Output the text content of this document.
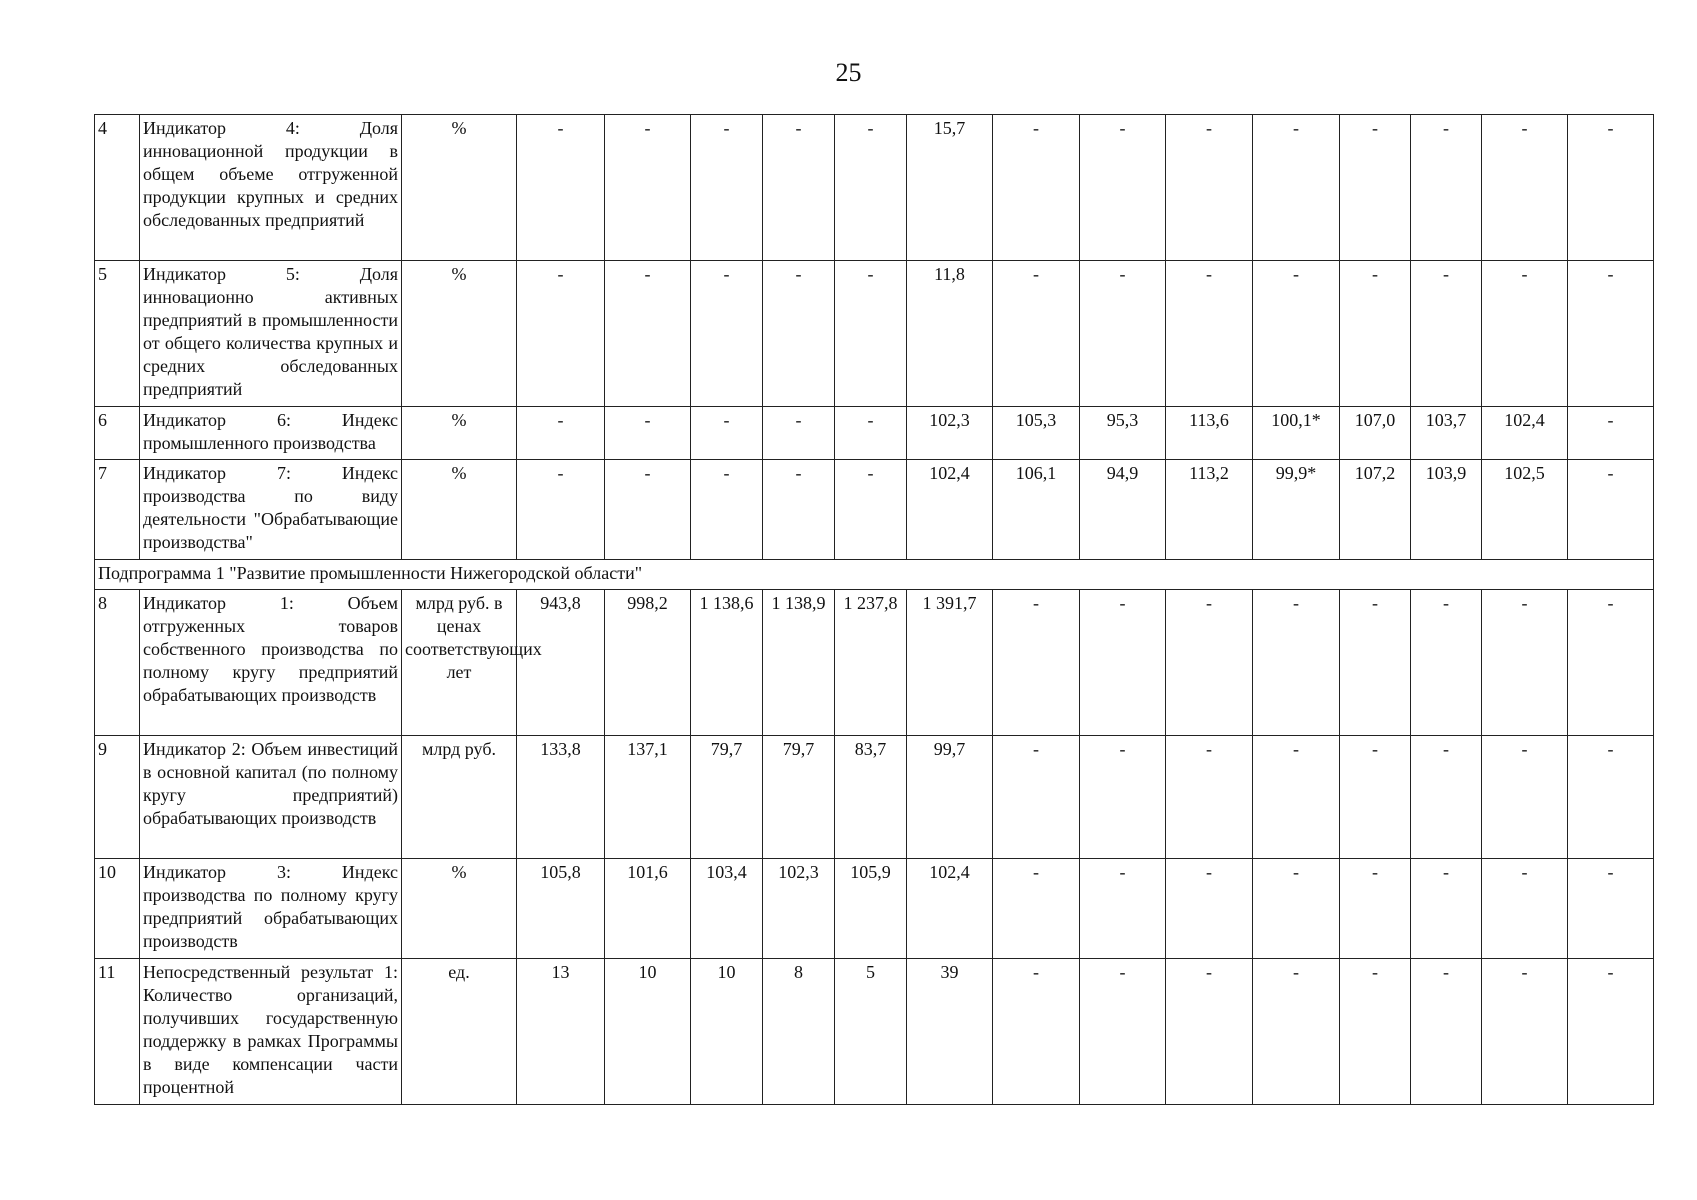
25
4	Индикатор 4: Доля инновационной продукции в общем объеме отгруженной продукции крупных и средних обследованных предприятий	%	-	-	-	-	-	15,7	-	-	-	-	-	-	-	-
5	Индикатор 5: Доля инновационно активных предприятий в промышленности от общего количества крупных и средних обследованных предприятий	%	-	-	-	-	-	11,8	-	-	-	-	-	-	-	-
6	Индикатор 6: Индекс промышленного производства	%	-	-	-	-	-	102,3	105,3	95,3	113,6	100,1*	107,0	103,7	102,4	-
7	Индикатор 7: Индекс производства по виду деятельности "Обрабатывающие производства"	%	-	-	-	-	-	102,4	106,1	94,9	113,2	99,9*	107,2	103,9	102,5	-
Подпрограмма 1 "Развитие промышленности Нижегородской области"																
8	Индикатор 1: Объем отгруженных товаров собственного производства по полному кругу предприятий обрабатывающих производств	млрд руб. в ценах соответствующих лет	943,8	998,2	1 138,6	1 138,9	1 237,8	1 391,7	-	-	-	-	-	-	-	-
9	Индикатор 2: Объем инвестиций в основной капитал (по полному кругу предприятий) обрабатывающих производств	млрд руб.	133,8	137,1	79,7	79,7	83,7	99,7	-	-	-	-	-	-	-	-
10	Индикатор 3: Индекс производства по полному кругу предприятий обрабатывающих производств	%	105,8	101,6	103,4	102,3	105,9	102,4	-	-	-	-	-	-	-	-
11	Непосредственный результат 1: Количество организаций, получивших государственную поддержку в рамках Программы в виде компенсации части процентной	ед.	13	10	10	8	5	39	-	-	-	-	-	-	-	-
